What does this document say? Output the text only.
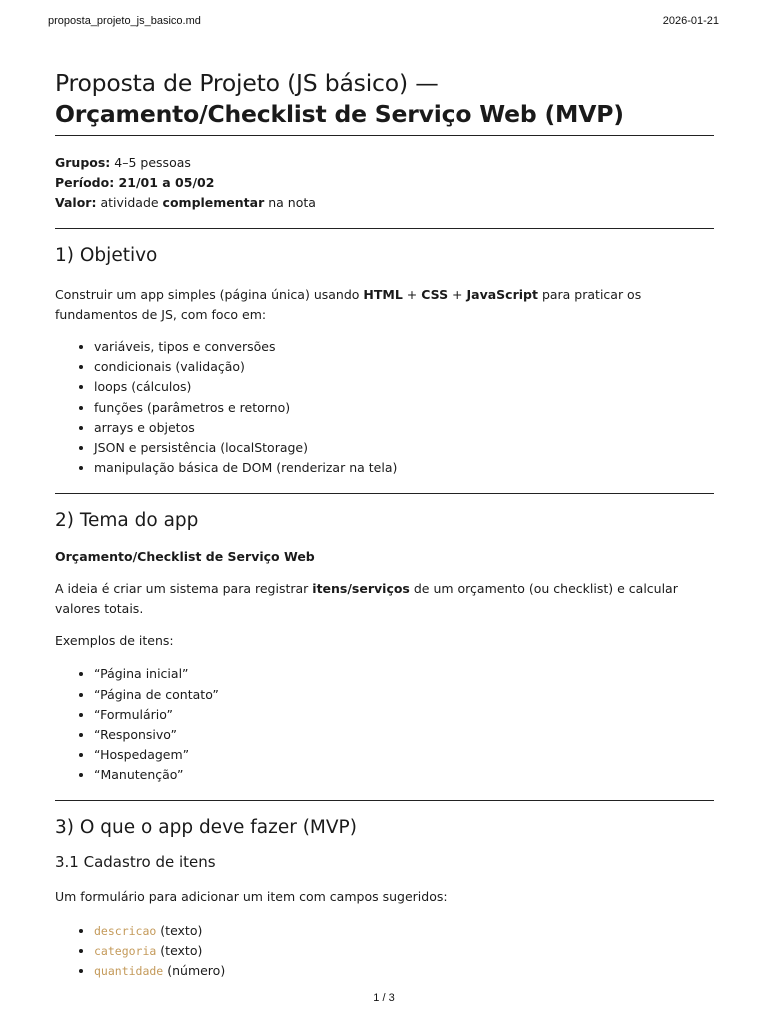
proposta_projeto_js_basico.md	2026-01-21
Proposta de Projeto (JS básico) —
Orçamento/Checklist de Serviço Web (MVP)
Grupos: 4–5 pessoas
Período: 21/01 a 05/02
Valor: atividade complementar na nota
1) Objetivo

Construir um app simples (página única) usando HTML + CSS + JavaScript para praticar os fundamentos de JS, com foco em:

• variáveis, tipos e conversões
• condicionais (validação)
• loops (cálculos)
• funções (parâmetros e retorno)
• arrays e objetos
• JSON e persistência (localStorage)
• manipulação básica de DOM (renderizar na tela)
2) Tema do app

Orçamento/Checklist de Serviço Web

A ideia é criar um sistema para registrar itens/serviços de um orçamento (ou checklist) e calcular valores totais.

Exemplos de itens:

• “Página inicial”
• “Página de contato”
• “Formulário”
• “Responsivo”
• “Hospedagem”
• “Manutenção”
3) O que o app deve fazer (MVP)
3.1 Cadastro de itens

Um formulário para adicionar um item com campos sugeridos:

• descricao (texto)
• categoria (texto)
• quantidade (número)
1 / 3
